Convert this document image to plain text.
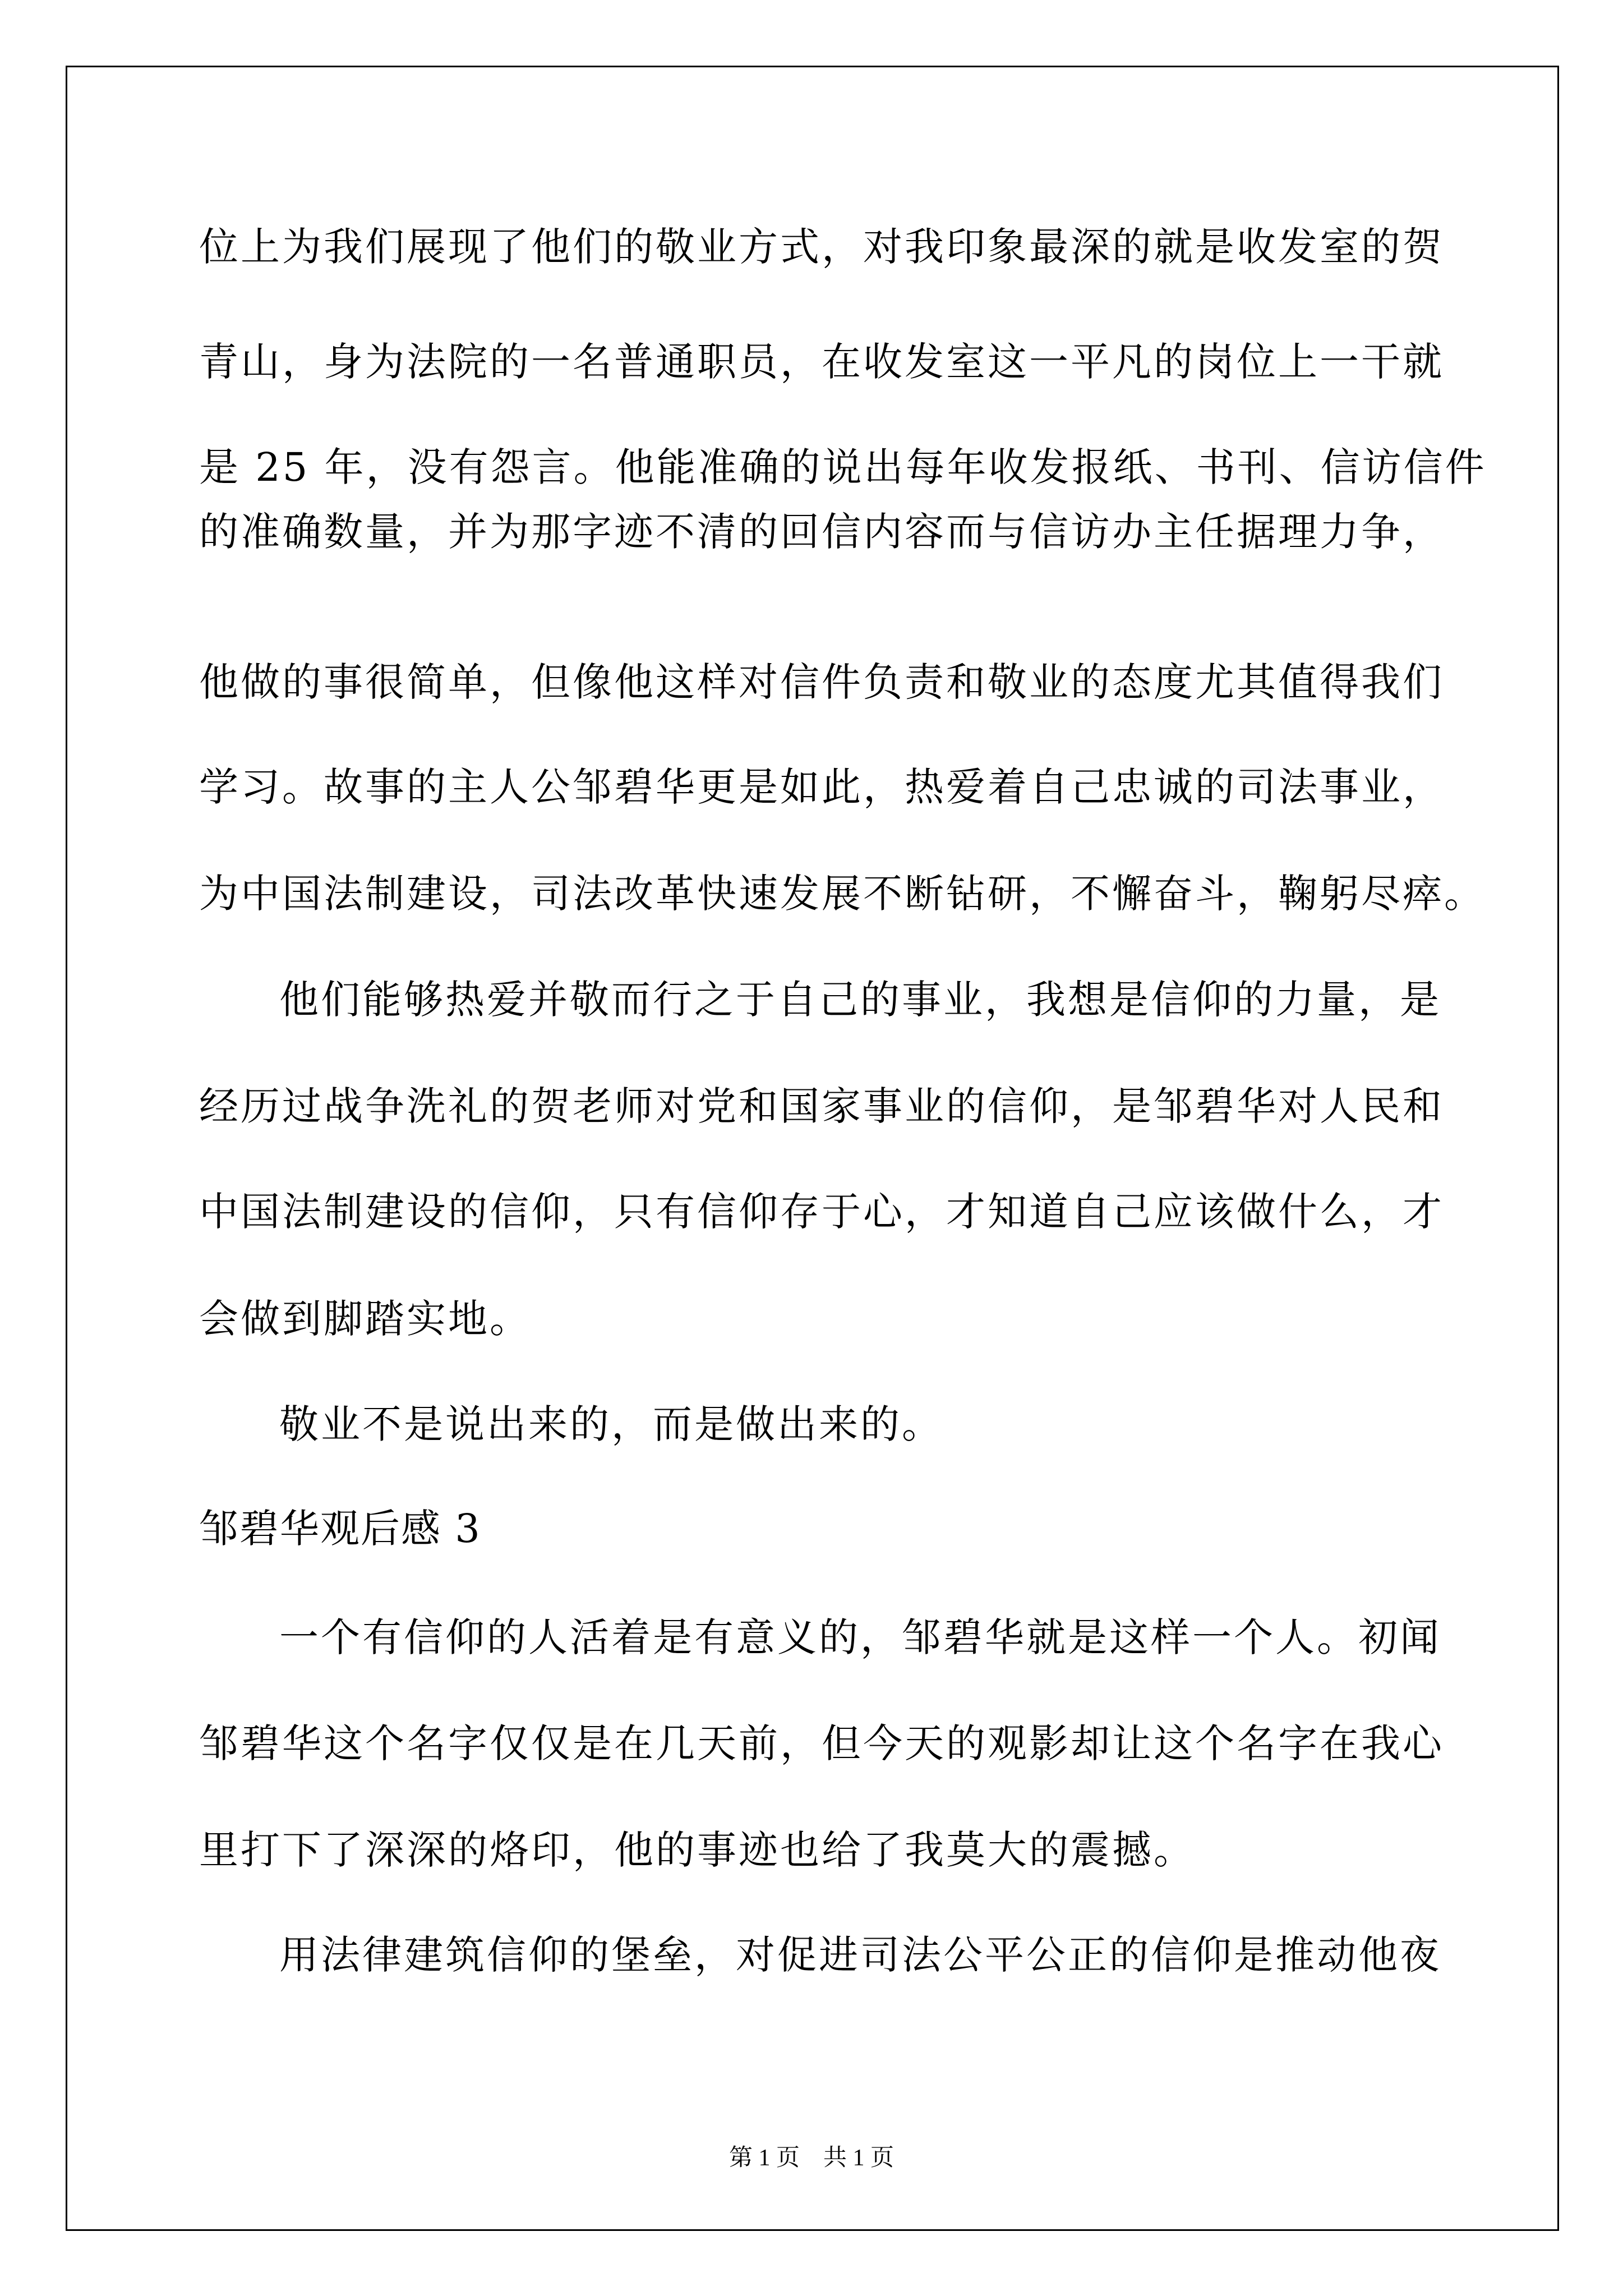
位上为我们展现了他们的敬业方式，对我印象最深的就是收发室的贺
青山，身为法院的一名普通职员，在收发室这一平凡的岗位上一干就
是 25 年，没有怨言。他能准确的说出每年收发报纸、书刊、信访信件
的准确数量，并为那字迹不清的回信内容而与信访办主任据理力争，
他做的事很简单，但像他这样对信件负责和敬业的态度尤其值得我们
学习。故事的主人公邹碧华更是如此，热爱着自己忠诚的司法事业，
为中国法制建设，司法改革快速发展不断钻研，不懈奋斗，鞠躬尽瘁。
他们能够热爱并敬而行之于自己的事业，我想是信仰的力量，是
经历过战争洗礼的贺老师对党和国家事业的信仰，是邹碧华对人民和
中国法制建设的信仰，只有信仰存于心，才知道自己应该做什么，才
会做到脚踏实地。
敬业不是说出来的，而是做出来的。
邹碧华观后感 3
一个有信仰的人活着是有意义的，邹碧华就是这样一个人。初闻
邹碧华这个名字仅仅是在几天前，但今天的观影却让这个名字在我心
里打下了深深的烙印，他的事迹也给了我莫大的震撼。
用法律建筑信仰的堡垒，对促进司法公平公正的信仰是推动他夜
第 1 页　共 1 页
